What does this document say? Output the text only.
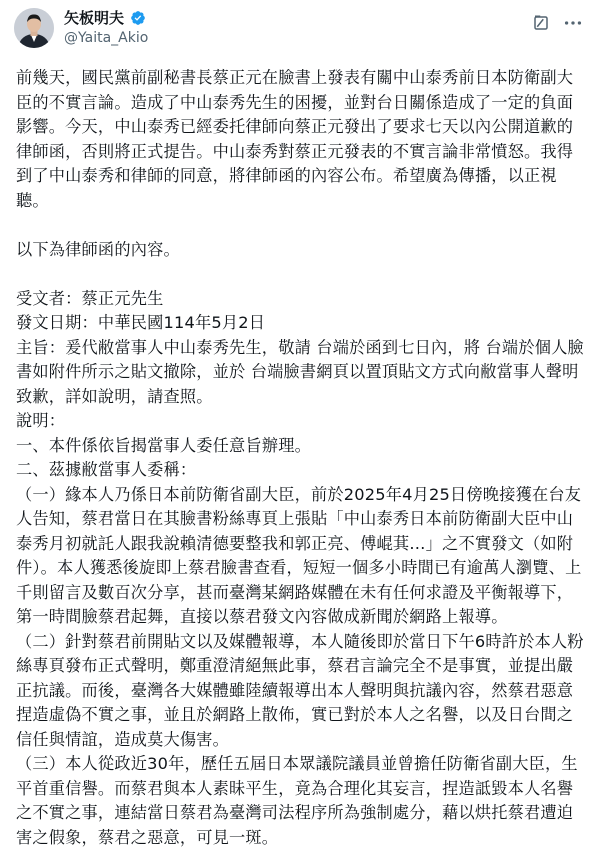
矢板明夫
@Yaita_Akio
前幾天，國民黨前副秘書長蔡正元在臉書上發表有關中山泰秀前日本防衛副大臣的不實言論。造成了中山泰秀先生的困擾，並對台日關係造成了一定的負面影響。今天，中山泰秀已經委托律師向蔡正元發出了要求七天以內公開道歉的律師函，否則將正式提告。中山泰秀對蔡正元發表的不實言論非常憤怒。我得到了中山泰秀和律師的同意，將律師函的內容公布。希望廣為傳播，以正視聽。

以下為律師函的內容。

受文者：蔡正元先生
發文日期：中華民國114年5月2日
主旨：爰代敝當事人中山泰秀先生，敬請 台端於函到七日內，將 台端於個人臉書如附件所示之貼文撤除，並於 台端臉書網頁以置頂貼文方式向敝當事人聲明致歉，詳如說明，請查照。
說明：
一、本件係依旨揭當事人委任意旨辦理。
二、茲據敝當事人委稱：
（一）緣本人乃係日本前防衛省副大臣，前於2025年4月25日傍晚接獲在台友人告知，蔡君當日在其臉書粉絲專頁上張貼「中山泰秀日本前防衛副大臣中山泰秀月初就託人跟我說賴清德要整我和郭正亮、傅崐萁…」之不實發文（如附件）。本人獲悉後旋即上蔡君臉書查看，短短一個多小時間已有逾萬人瀏覽、上千則留言及數百次分享，甚而臺灣某網路媒體在未有任何求證及平衡報導下，第一時間臉蔡君起舞，直接以蔡君發文內容做成新聞於網路上報導。
（二）針對蔡君前開貼文以及媒體報導，本人隨後即於當日下午6時許於本人粉絲專頁發布正式聲明，鄭重澄清絕無此事，蔡君言論完全不是事實，並提出嚴正抗議。而後，臺灣各大媒體雖陸續報導出本人聲明與抗議內容，然蔡君惡意捏造虛偽不實之事，並且於網路上散佈，實已對於本人之名譽，以及日台間之信任與情誼，造成莫大傷害。
（三）本人從政近30年，歷任五屆日本眾議院議員並曾擔任防衛省副大臣，生平首重信譽。而蔡君與本人素昧平生，竟為合理化其妄言，捏造詆毀本人名譽之不實之事，連結當日蔡君為臺灣司法程序所為強制處分，藉以烘托蔡君遭迫害之假象，蔡君之惡意，可見一斑。
